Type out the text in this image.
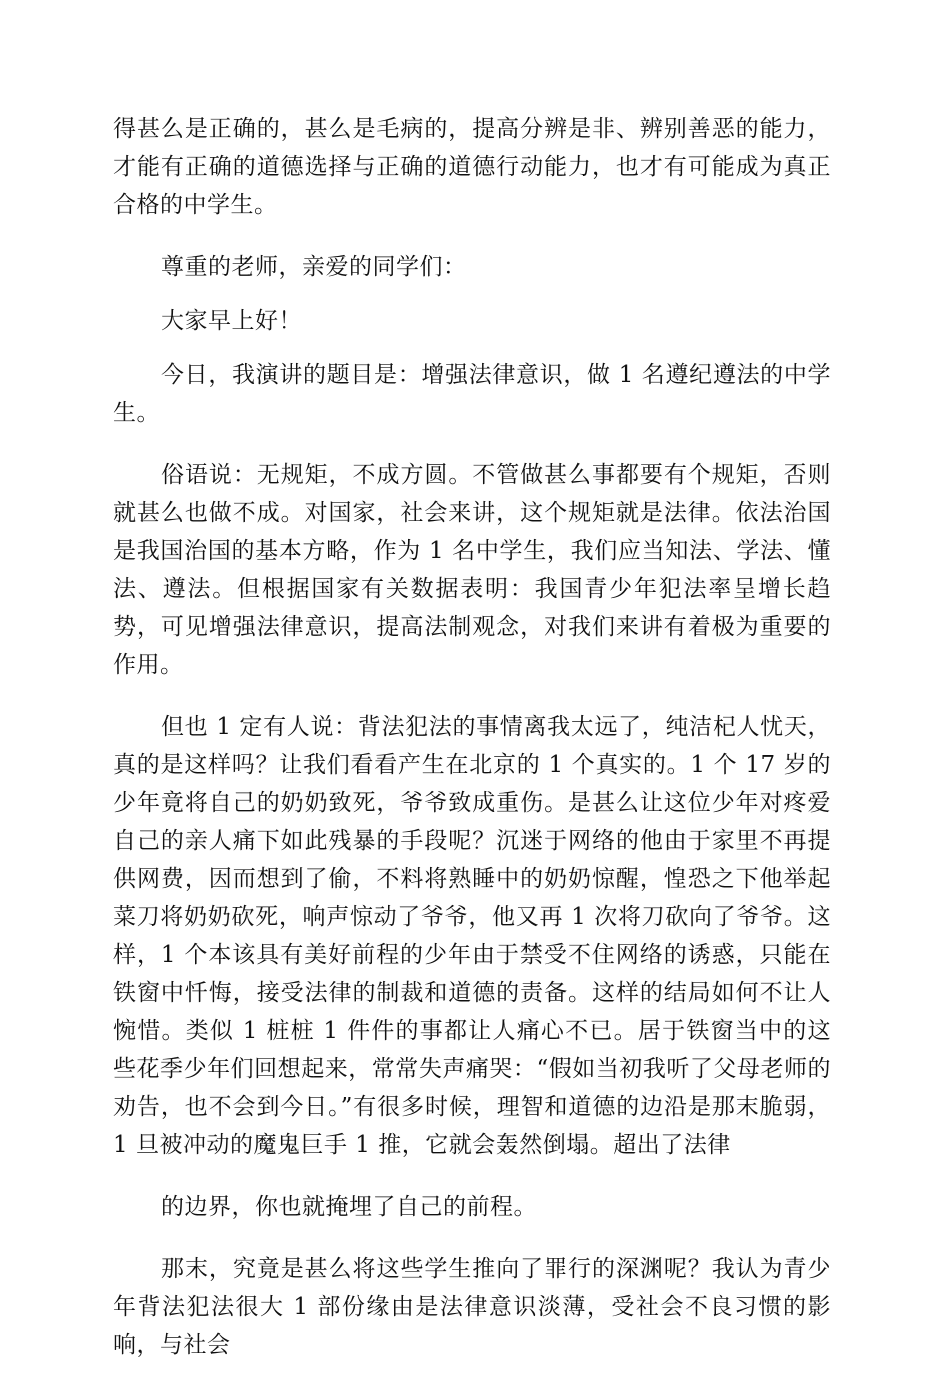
得甚么是正确的，甚么是毛病的，提高分辨是非、辨别善恶的能力，才能有正确的道德选择与正确的道德行动能力，也才有可能成为真正合格的中学生。

尊重的老师，亲爱的同学们：

大家早上好！

今日，我演讲的题目是：增强法律意识，做 1 名遵纪遵法的中学生。

俗语说：无规矩，不成方圆。不管做甚么事都要有个规矩，否则就甚么也做不成。对国家，社会来讲，这个规矩就是法律。依法治国是我国治国的基本方略，作为 1 名中学生，我们应当知法、学法、懂法、遵法。但根据国家有关数据表明：我国青少年犯法率呈增长趋势，可见增强法律意识，提高法制观念，对我们来讲有着极为重要的作用。

但也 1 定有人说：背法犯法的事情离我太远了，纯洁杞人忧天，真的是这样吗？让我们看看产生在北京的 1 个真实的。1 个 17 岁的少年竟将自己的奶奶致死，爷爷致成重伤。是甚么让这位少年对疼爱自己的亲人痛下如此残暴的手段呢？沉迷于网络的他由于家里不再提供网费，因而想到了偷，不料将熟睡中的奶奶惊醒，惶恐之下他举起菜刀将奶奶砍死，响声惊动了爷爷，他又再 1 次将刀砍向了爷爷。这样，1 个本该具有美好前程的少年由于禁受不住网络的诱惑，只能在铁窗中忏悔，接受法律的制裁和道德的责备。这样的结局如何不让人惋惜。类似 1 桩桩 1 件件的事都让人痛心不已。居于铁窗当中的这些花季少年们回想起来，常常失声痛哭：“假如当初我听了父母老师的劝告，也不会到今日。”有很多时候，理智和道德的边沿是那末脆弱，1 旦被冲动的魔鬼巨手 1 推，它就会轰然倒塌。超出了法律

的边界，你也就掩埋了自己的前程。

那末，究竟是甚么将这些学生推向了罪行的深渊呢？我认为青少年背法犯法很大 1 部份缘由是法律意识淡薄，受社会不良习惯的影响，与社会
